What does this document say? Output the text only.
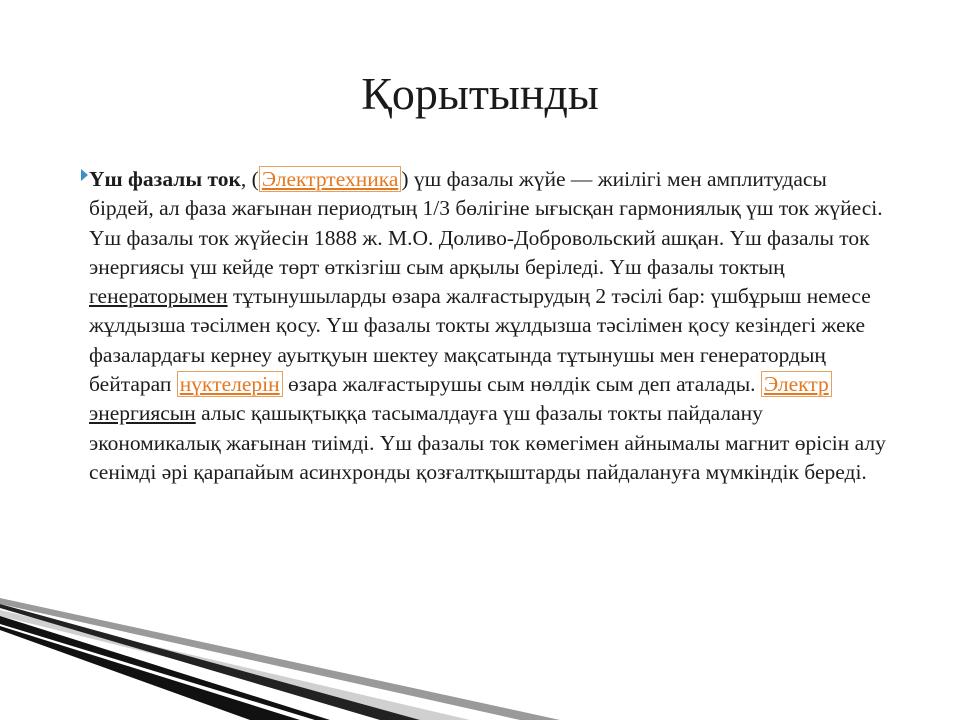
Қорытынды
Үш фазалы ток, ( Электртехника ) үш фазалы жүйе — жиілігі мен амплитудасы бірдей, ал фаза жағынан периодтың 1/3 бөлігіне ығысқан гармониялық үш ток жүйесі. Үш фазалы ток жүйесін 1888 ж. М.О. Доливо-Добровольский ашқан. Үш фазалы ток энергиясы үш кейде төрт өткізгіш сым арқылы беріледі. Үш фазалы токтың генераторымен тұтынушыларды өзара жалғастырудың 2 тәсілі бар: үшбұрыш немесе жұлдызша тәсілмен қосу. Үш фазалы токты жұлдызша тәсілімен қосу кезіндегі жеке фазалардағы кернеу ауытқуын шектеу мақсатында тұтынушы мен генератордың бейтарап нүктелерін өзара жалғастырушы сым нөлдік сым деп аталады. Электр энергиясын алыс қашықтыққа тасымалдауға үш фазалы токты пайдалану экономикалық жағынан тиімді. Үш фазалы ток көмегімен айнымалы магнит өрісін алу сенімді әрі қарапайым асинхронды қозғалтқыштарды пайдалануға мүмкіндік береді.
